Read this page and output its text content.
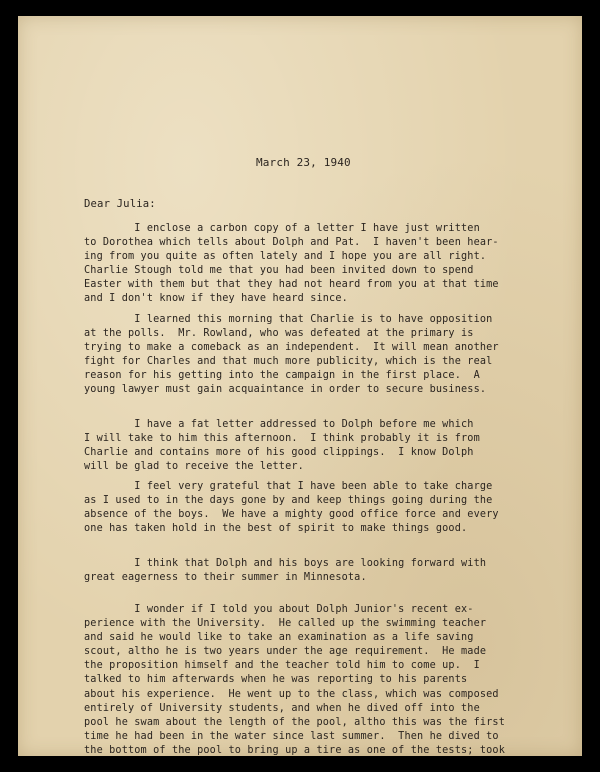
March 23, 1940

Dear Julia:

I enclose a carbon copy of a letter I have just written
to Dorothea which tells about Dolph and Pat.  I haven't been hear-
ing from you quite as often lately and I hope you are all right.
Charlie Stough told me that you had been invited down to spend
Easter with them but that they had not heard from you at that time
and I don't know if they have heard since.

I learned this morning that Charlie is to have opposition
at the polls.  Mr. Rowland, who was defeated at the primary is
trying to make a comeback as an independent.  It will mean another
fight for Charles and that much more publicity, which is the real
reason for his getting into the campaign in the first place.  A
young lawyer must gain acquaintance in order to secure business.

I have a fat letter addressed to Dolph before me which
I will take to him this afternoon.  I think probably it is from
Charlie and contains more of his good clippings.  I know Dolph
will be glad to receive the letter.

I feel very grateful that I have been able to take charge
as I used to in the days gone by and keep things going during the
absence of the boys.  We have a mighty good office force and every
one has taken hold in the best of spirit to make things good.

I think that Dolph and his boys are looking forward with
great eagerness to their summer in Minnesota.

I wonder if I told you about Dolph Junior's recent ex-
perience with the University.  He called up the swimming teacher
and said he would like to take an examination as a life saving
scout, altho he is two years under the age requirement.  He made
the proposition himself and the teacher told him to come up.  I
talked to him afterwards when he was reporting to his parents
about his experience.  He went up to the class, which was composed
entirely of University students, and when he dived off into the
pool he swam about the length of the pool, altho this was the first
time he had been in the water since last summer.  Then he dived to
the bottom of the pool to bring up a tire as one of the tests; took
